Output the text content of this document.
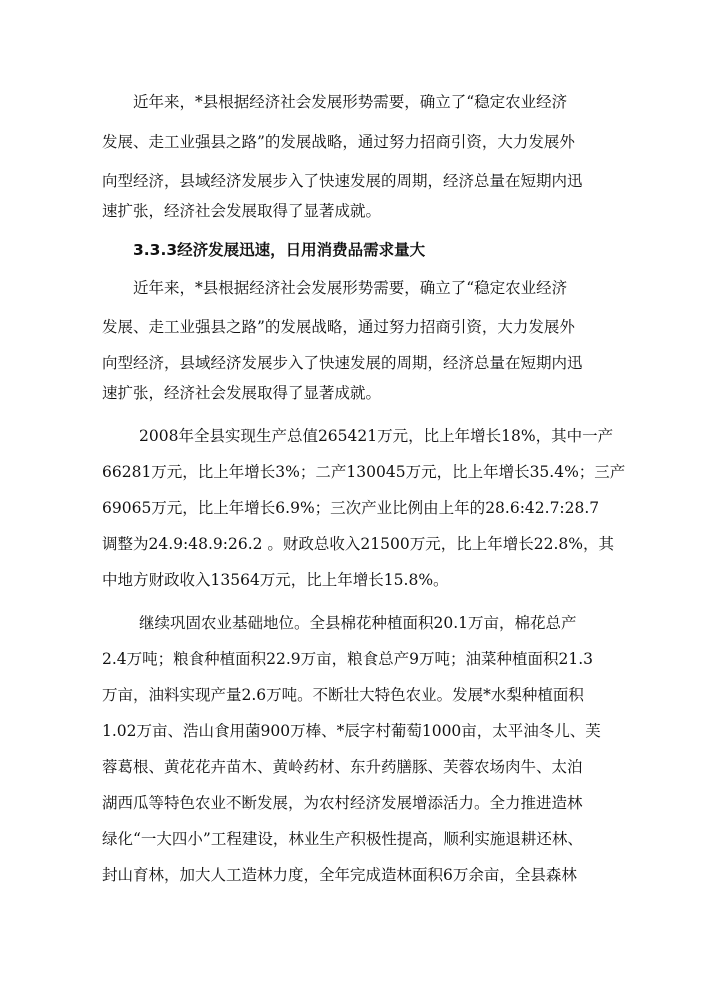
近年来，*县根据经济社会发展形势需要，确立了“稳定农业经济
发展、走工业强县之路”的发展战略，通过努力招商引资，大力发展外
向型经济，县域经济发展步入了快速发展的周期，经济总量在短期内迅
速扩张，经济社会发展取得了显著成就。
3.3.3经济发展迅速，日用消费品需求量大
近年来，*县根据经济社会发展形势需要，确立了“稳定农业经济
发展、走工业强县之路”的发展战略，通过努力招商引资，大力发展外
向型经济，县域经济发展步入了快速发展的周期，经济总量在短期内迅
速扩张，经济社会发展取得了显著成就。
2008年全县实现生产总值265421万元，比上年增长18%，其中一产
66281万元，比上年增长3%；二产130045万元，比上年增长35.4%；三产
69065万元，比上年增长6.9%；三次产业比例由上年的28.6:42.7:28.7
调整为24.9:48.9:26.2 。财政总收入21500万元，比上年增长22.8%，其
中地方财政收入13564万元，比上年增长15.8%。
继续巩固农业基础地位。全县棉花种植面积20.1万亩，棉花总产
2.4万吨；粮食种植面积22.9万亩，粮食总产9万吨；油菜种植面积21.3
万亩，油料实现产量2.6万吨。不断壮大特色农业。发展*水梨种植面积
1.02万亩、浩山食用菌900万棒、*辰字村葡萄1000亩，太平油冬儿、芙
蓉葛根、黄花花卉苗木、黄岭药材、东升药膳豚、芙蓉农场肉牛、太泊
湖西瓜等特色农业不断发展，为农村经济发展增添活力。全力推进造林
绿化“一大四小”工程建设，林业生产积极性提高，顺利实施退耕还林、
封山育林，加大人工造林力度，全年完成造林面积6万余亩，全县森林
